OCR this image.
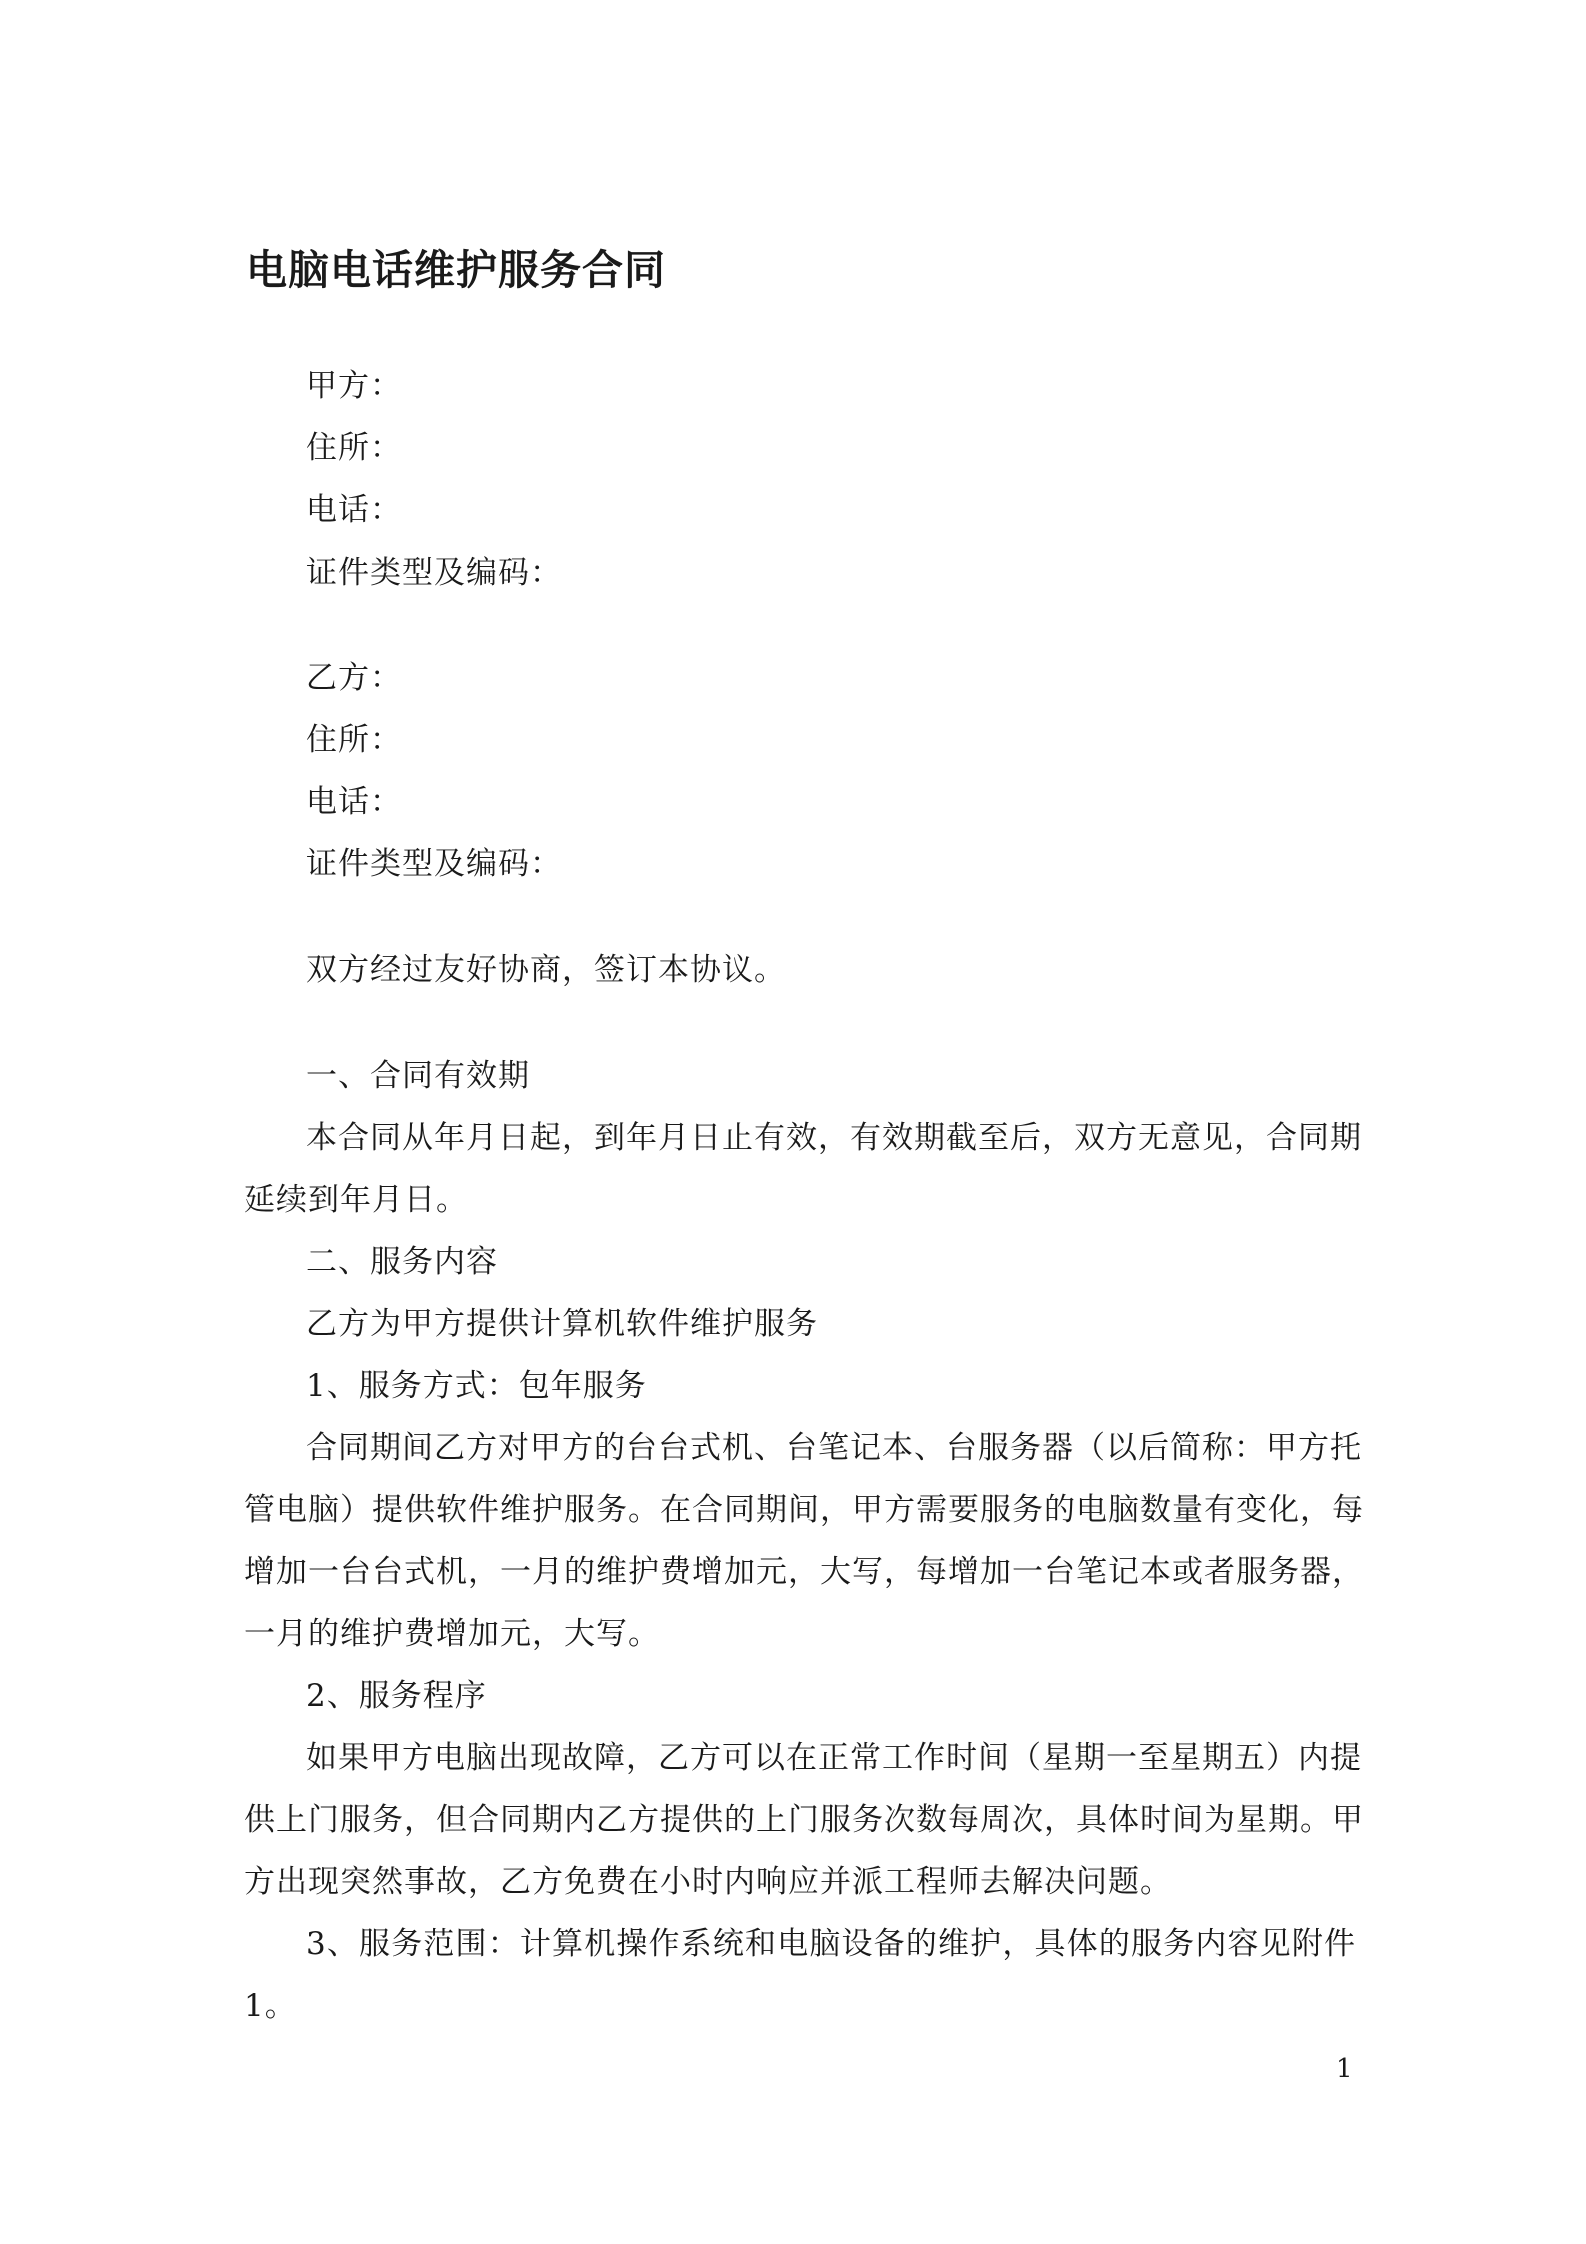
电脑电话维护服务合同
甲方：
住所：
电话：
证件类型及编码：
乙方：
住所：
电话：
证件类型及编码：
双方经过友好协商，签订本协议。
一、合同有效期
本合同从年月日起，到年月日止有效，有效期截至后，双方无意见，合同期
延续到年月日。
二、服务内容
乙方为甲方提供计算机软件维护服务
1、服务方式：包年服务
合同期间乙方对甲方的台台式机、台笔记本、台服务器（以后简称：甲方托
管电脑）提供软件维护服务。在合同期间，甲方需要服务的电脑数量有变化，每
增加一台台式机，一月的维护费增加元，大写，每增加一台笔记本或者服务器，
一月的维护费增加元，大写。
2、服务程序
如果甲方电脑出现故障，乙方可以在正常工作时间（星期一至星期五）内提
供上门服务，但合同期内乙方提供的上门服务次数每周次，具体时间为星期。甲
方出现突然事故，乙方免费在小时内响应并派工程师去解决问题。
3、服务范围：计算机操作系统和电脑设备的维护，具体的服务内容见附件
1。
1
